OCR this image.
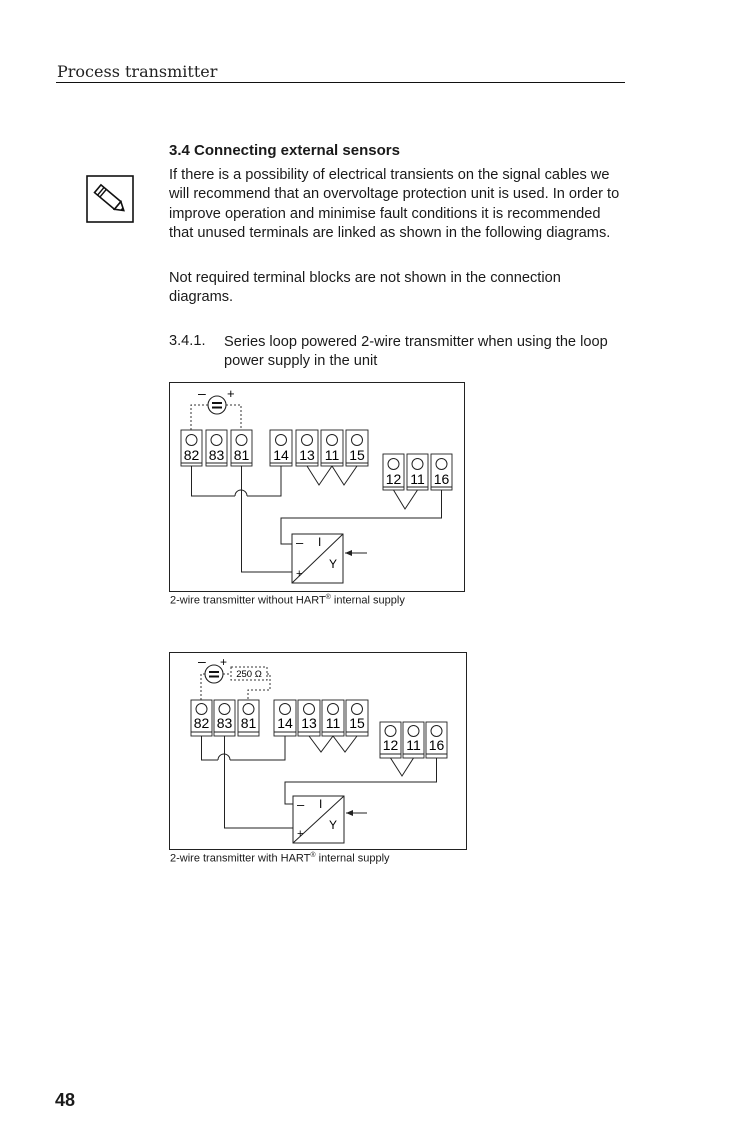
Process transmitter
3.4 Connecting external sensors

If there is a possibility of electrical transients on the signal cables we will recommend that an overvoltage protection unit is used. In order to improve operation and minimise fault conditions it is recommended that unused terminals are linked as shown in the following diagrams.

Not required terminal blocks are not shown in the connection diagrams.

3.4.1. Series loop powered 2-wire transmitter when using the loop power supply in the unit
– +
82 83 81 14 13 11 15
12 11 16
–
+
I
Y
2-wire transmitter without HART® internal supply
– +
250 Ω
82 83 81 14 13 11 15
12 11 16
–
+
I
Y
2-wire transmitter with HART® internal supply
48
